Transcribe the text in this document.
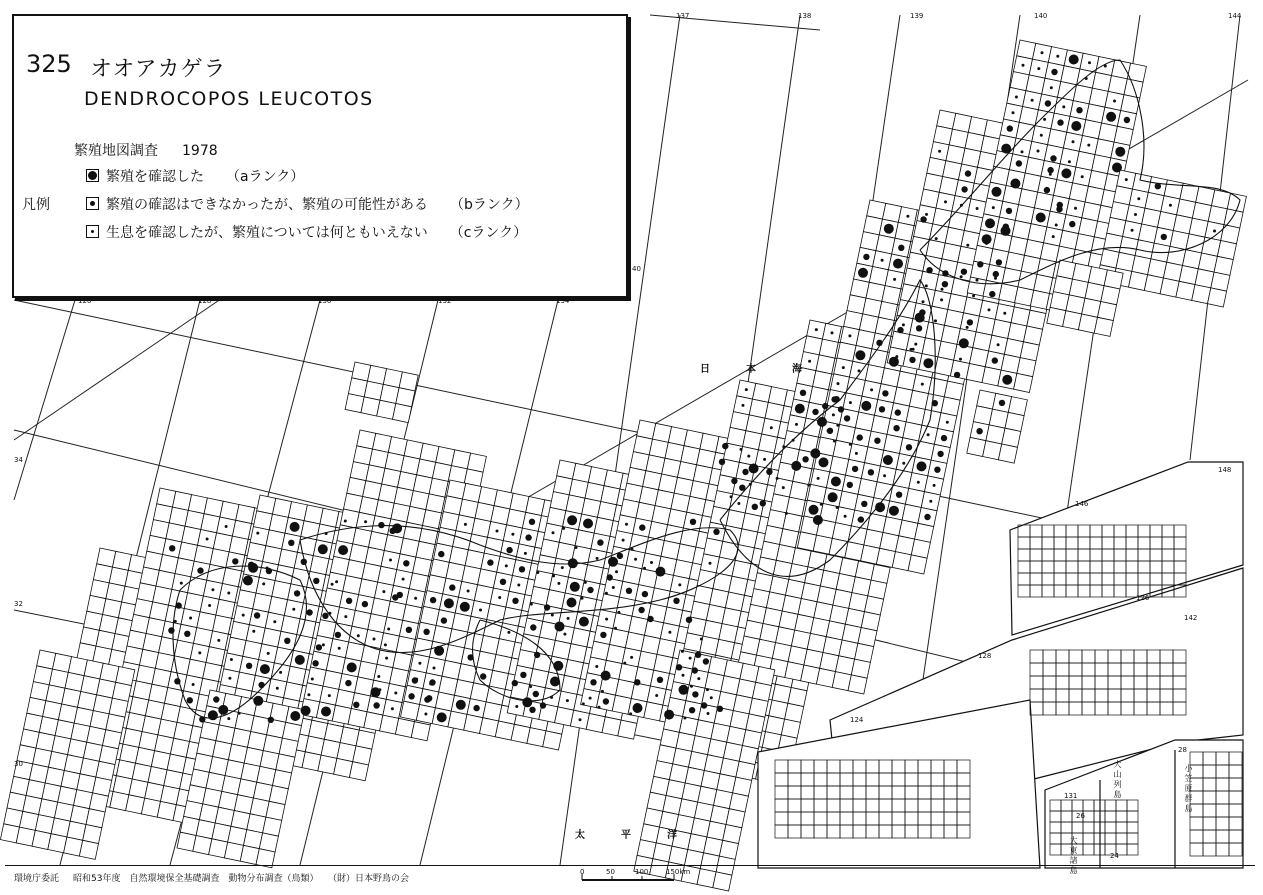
325 オオアカゲラ
DENDROCOPOS LEUCOTOS
繁殖地図調査 1978
凡例
繁殖を確認した （aランク）
繁殖の確認はできなかったが、繁殖の可能性がある （bランク）
生息を確認したが、繁殖については何ともいえない （cランク）
日本海
太平洋
126	128	130	132	134
137	138	139	140	144
34
32
30
40
146
148
126
128
124
28
26
24
131
142
大山列島	小笠原群島
大東諸島
環境庁委託 昭和53年度　自然環境保全基礎調査　動物分布調査（鳥類） （財）日本野鳥の会
0	50	100	150km
